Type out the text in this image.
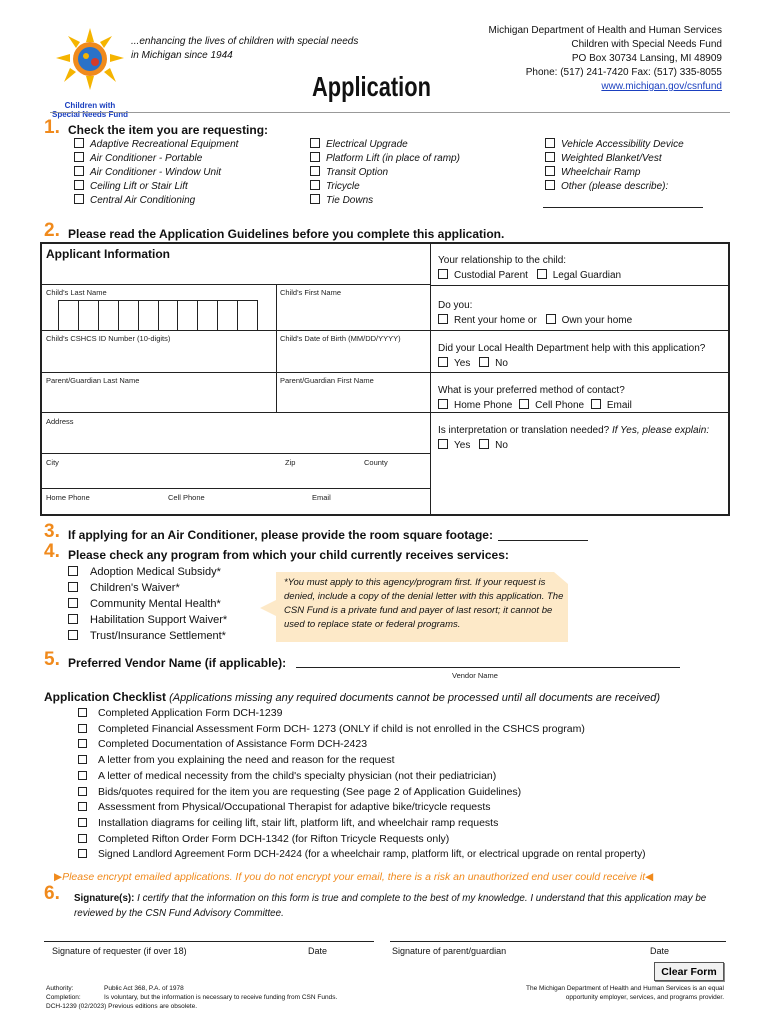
Children with Special Needs Fund
...enhancing the lives of children with special needs
in Michigan since 1944
Application
Michigan Department of Health and Human Services
Children with Special Needs Fund
PO Box 30734 Lansing, MI 48909
Phone: (517) 241-7420 Fax: (517) 335-8055
www.michigan.gov/csnfund
1. Check the item you are requesting:
Adaptive Recreational Equipment
Air Conditioner - Portable
Air Conditioner - Window Unit
Ceiling Lift or Stair Lift
Central Air Conditioning
Electrical Upgrade
Platform Lift (in place of ramp)
Transit Option
Tricycle
Tie Downs
Vehicle Accessibility Device
Weighted Blanket/Vest
Wheelchair Ramp
Other (please describe):
2. Please read the Application Guidelines before you complete this application.
Applicant Information
Child's Last Name	Child's First Name
Child's CSHCS ID Number (10-digits)	Child's Date of Birth (MM/DD/YYYY)
Parent/Guardian Last Name	Parent/Guardian First Name
Address
City	Zip	County
Home Phone	Cell Phone	Email
Your relationship to the child:
Custodial Parent Legal Guardian
Do you:
Rent your home or Own your home
Did your Local Health Department help with this application?
Yes No
What is your preferred method of contact?
Home Phone Cell Phone Email
Is interpretation or translation needed? If Yes, please explain:
Yes No
3. If applying for an Air Conditioner, please provide the room square footage:
4. Please check any program from which your child currently receives services:
Adoption Medical Subsidy*
Children's Waiver*
Community Mental Health*
Habilitation Support Waiver*
Trust/Insurance Settlement*
*You must apply to this agency/program first. If your request is denied, include a copy of the denial letter with this application. The CSN Fund is a private fund and payer of last resort; it cannot be used to replace state or federal programs.
5. Preferred Vendor Name (if applicable):
Vendor Name
Application Checklist (Applications missing any required documents cannot be processed until all documents are received)
Completed Application Form DCH-1239
Completed Financial Assessment Form DCH- 1273 (ONLY if child is not enrolled in the CSHCS program)
Completed Documentation of Assistance Form DCH-2423
A letter from you explaining the need and reason for the request
A letter of medical necessity from the child's specialty physician (not their pediatrician)
Bids/quotes required for the item you are requesting (See page 2 of Application Guidelines)
Assessment from Physical/Occupational Therapist for adaptive bike/tricycle requests
Installation diagrams for ceiling lift, stair lift, platform lift, and wheelchair ramp requests
Completed Rifton Order Form DCH-1342 (for Rifton Tricycle Requests only)
Signed Landlord Agreement Form DCH-2424 (for a wheelchair ramp, platform lift, or electrical upgrade on rental property)
▶Please encrypt emailed applications. If you do not encrypt your email, there is a risk an unauthorized end user could receive it◀
6. Signature(s): I certify that the information on this form is true and complete to the best of my knowledge. I understand that this application may be reviewed by the CSN Fund Advisory Committee.
Signature of requester (if over 18)	Date	Signature of parent/guardian	Date
Clear Form
Authority:	Public Act 368, P.A. of 1978
Completion:	Is voluntary, but the information is necessary to receive funding from CSN Funds.
DCH-1239 (02/2023) Previous editions are obsolete.
The Michigan Department of Health and Human Services is an equal
opportunity employer, services, and programs provider.
